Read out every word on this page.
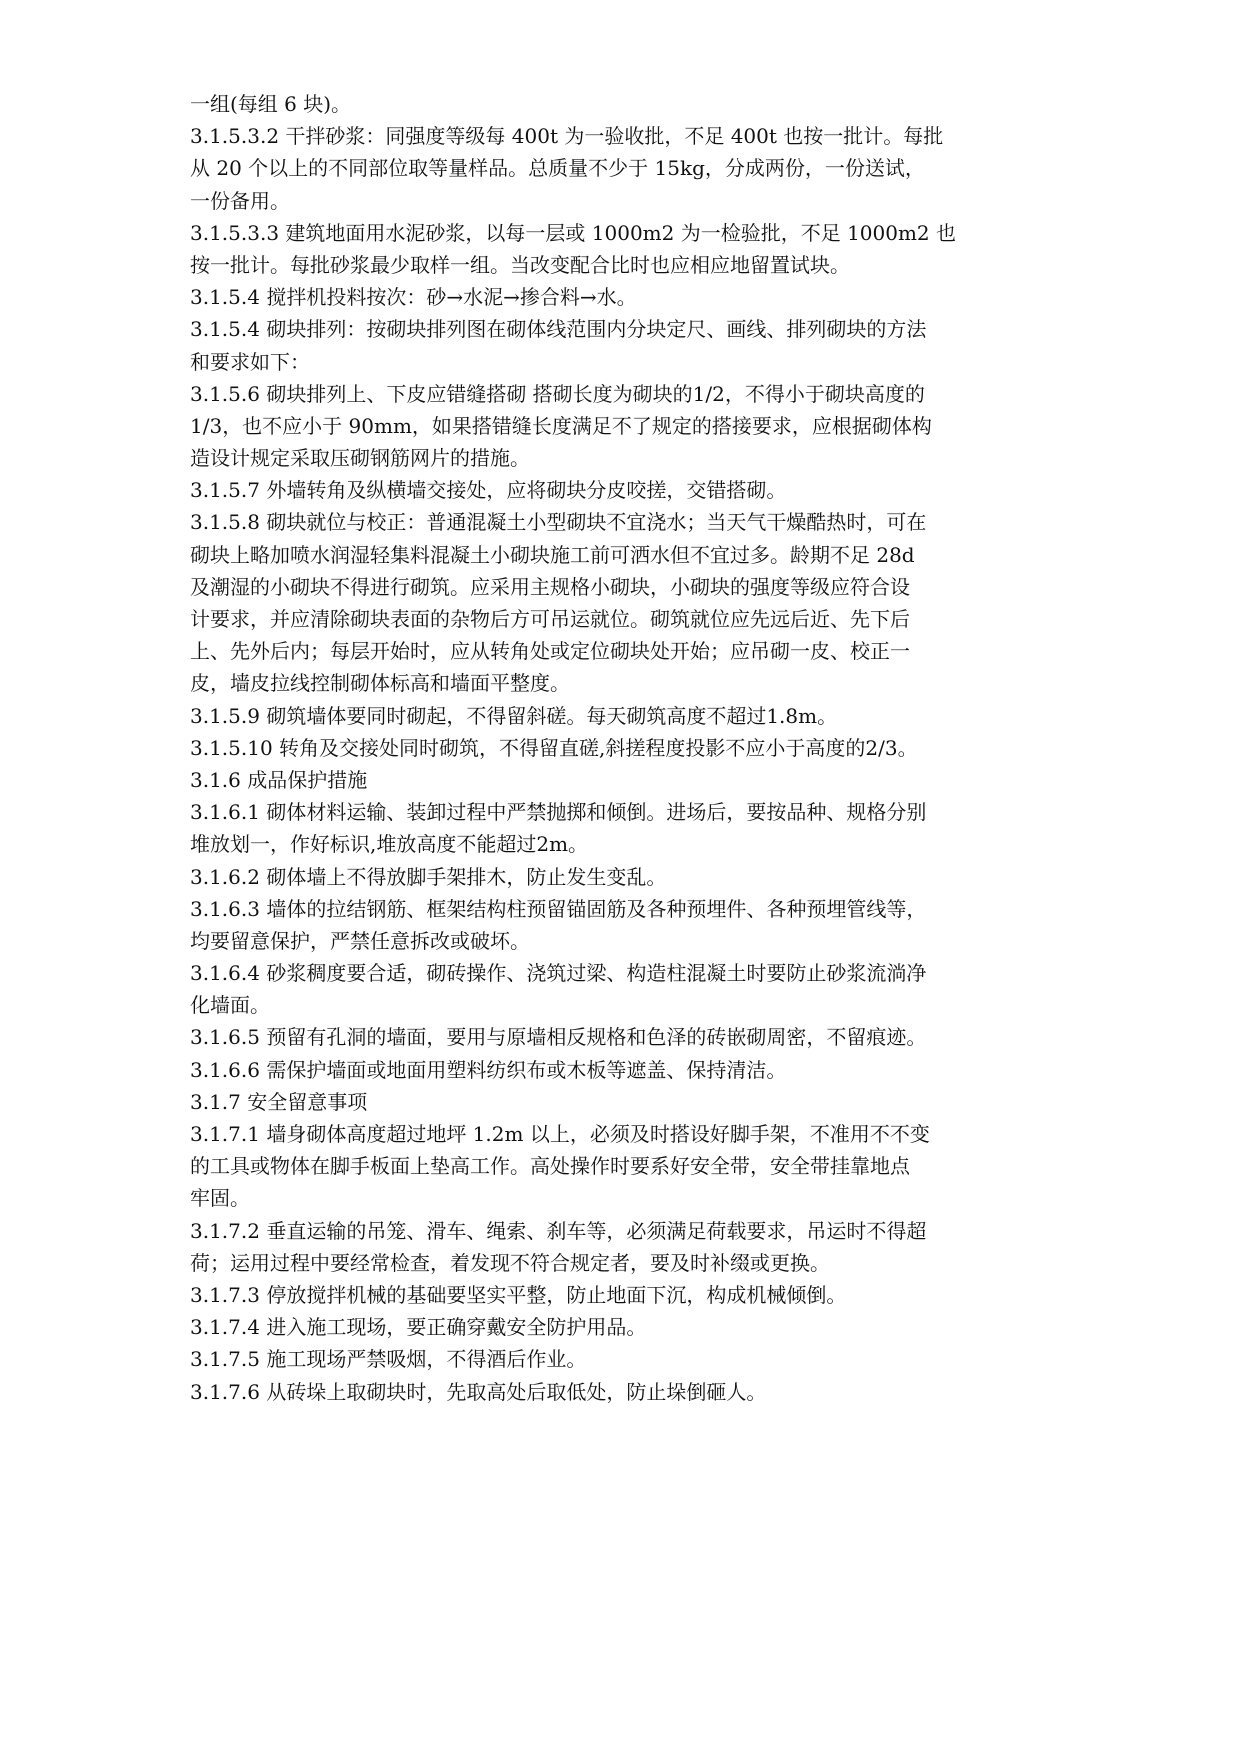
一组(每组 6 块)。
3.1.5.3.2 干拌砂浆：同强度等级每 400t 为一验收批，不足 400t 也按一批计。每批
从 20 个以上的不同部位取等量样品。总质量不少于 15kg，分成两份，一份送试，
一份备用。
3.1.5.3.3 建筑地面用水泥砂浆，以每一层或 1000m2 为一检验批，不足 1000m2 也
按一批计。每批砂浆最少取样一组。当改变配合比时也应相应地留置试块。
3.1.5.4 搅拌机投料按次：砂→水泥→掺合料→水。
3.1.5.4 砌块排列：按砌块排列图在砌体线范围内分块定尺、画线、排列砌块的方法
和要求如下：
3.1.5.6 砌块排列上、下皮应错缝搭砌 搭砌长度为砌块的1/2，不得小于砌块高度的
1/3，也不应小于 90mm，如果搭错缝长度满足不了规定的搭接要求，应根据砌体构
造设计规定采取压砌钢筋网片的措施。
3.1.5.7 外墙转角及纵横墙交接处，应将砌块分皮咬搓，交错搭砌。
3.1.5.8 砌块就位与校正：普通混凝土小型砌块不宜浇水；当天气干燥酷热时，可在
砌块上略加喷水润湿轻集料混凝土小砌块施工前可洒水但不宜过多。龄期不足 28d
及潮湿的小砌块不得进行砌筑。应采用主规格小砌块，小砌块的强度等级应符合设
计要求，并应清除砌块表面的杂物后方可吊运就位。砌筑就位应先远后近、先下后
上、先外后内；每层开始时，应从转角处或定位砌块处开始；应吊砌一皮、校正一
皮，墙皮拉线控制砌体标高和墙面平整度。
3.1.5.9 砌筑墙体要同时砌起，不得留斜磋。每天砌筑高度不超过1.8m。
3.1.5.10 转角及交接处同时砌筑，不得留直磋,斜搓程度投影不应小于高度的2/3。
3.1.6 成品保护措施
3.1.6.1 砌体材料运输、装卸过程中严禁抛掷和倾倒。进场后，要按品种、规格分别
堆放划一，作好标识,堆放高度不能超过2m。
3.1.6.2 砌体墙上不得放脚手架排木，防止发生变乱。
3.1.6.3 墙体的拉结钢筋、框架结构柱预留锚固筋及各种预埋件、各种预埋管线等，
均要留意保护，严禁任意拆改或破坏。
3.1.6.4 砂浆稠度要合适，砌砖操作、浇筑过梁、构造柱混凝土时要防止砂浆流淌净
化墙面。
3.1.6.5 预留有孔洞的墙面，要用与原墙相反规格和色泽的砖嵌砌周密，不留痕迹。
3.1.6.6 需保护墙面或地面用塑料纺织布或木板等遮盖、保持清洁。
3.1.7 安全留意事项
3.1.7.1 墙身砌体高度超过地坪 1.2m 以上，必须及时搭设好脚手架，不准用不不变
的工具或物体在脚手板面上垫高工作。高处操作时要系好安全带，安全带挂靠地点
牢固。
3.1.7.2 垂直运输的吊笼、滑车、绳索、刹车等，必须满足荷载要求，吊运时不得超
荷；运用过程中要经常检查，着发现不符合规定者，要及时补缀或更换。
3.1.7.3 停放搅拌机械的基础要坚实平整，防止地面下沉，构成机械倾倒。
3.1.7.4 进入施工现场，要正确穿戴安全防护用品。
3.1.7.5 施工现场严禁吸烟，不得酒后作业。
3.1.7.6 从砖垛上取砌块时，先取高处后取低处，防止垛倒砸人。
